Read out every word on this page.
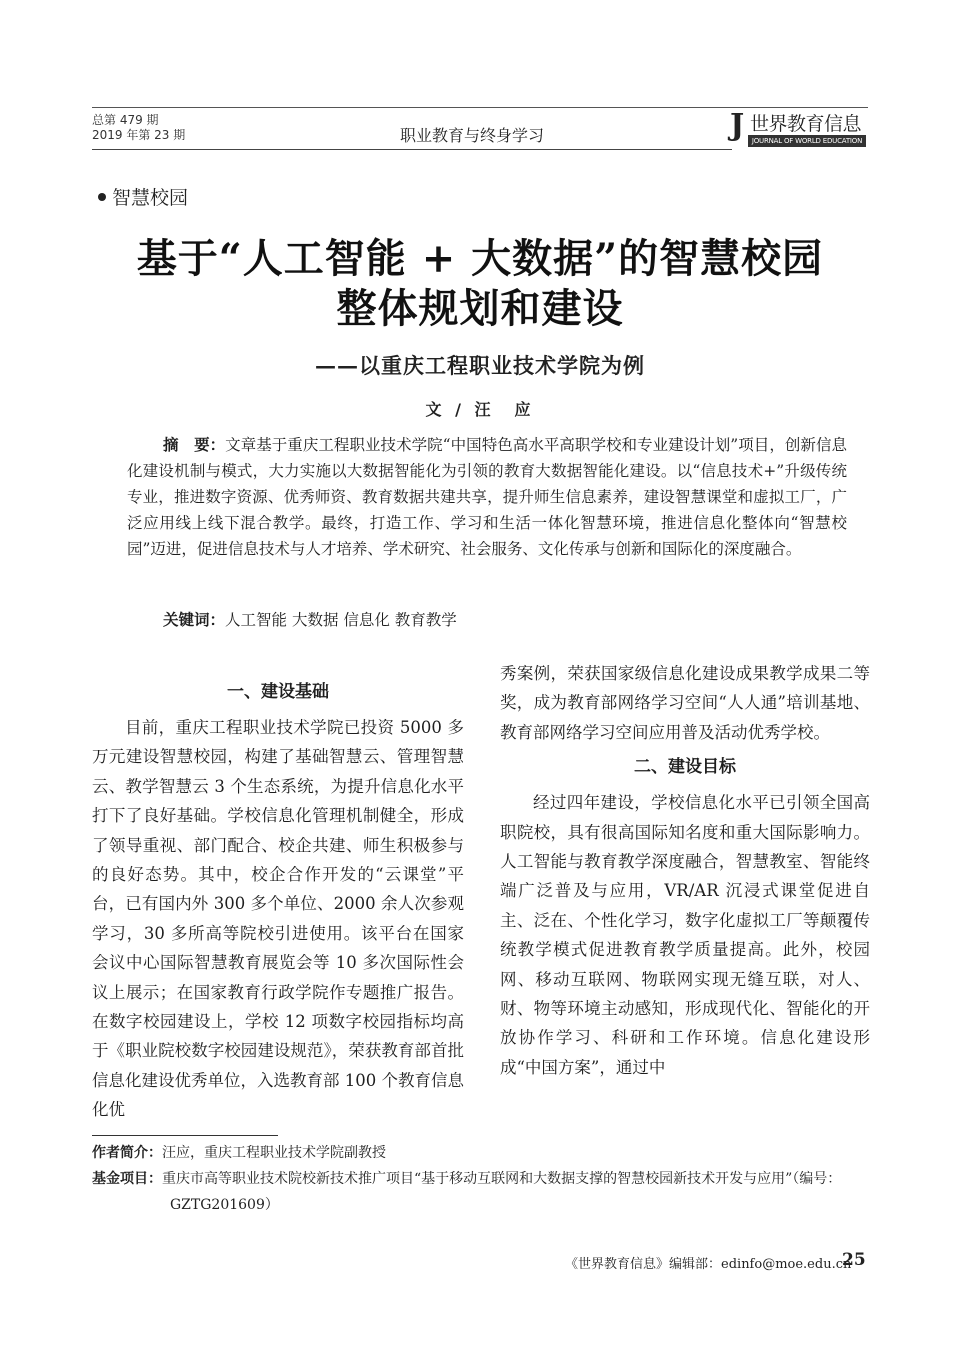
总第 479 期
2019 年第 23 期	职业教育与终身学习	J 世界教育信息
JOURNAL OF WORLD EDUCATION
智慧校园
基于“人工智能 + 大数据”的智慧校园
整体规划和建设
——以重庆工程职业技术学院为例
文 / 汪　应
摘　要：文章基于重庆工程职业技术学院“中国特色高水平高职学校和专业建设计划”项目，创新信息化建设机制与模式，大力实施以大数据智能化为引领的教育大数据智能化建设。以“信息技术+”升级传统专业，推进数字资源、优秀师资、教育数据共建共享，提升师生信息素养，建设智慧课堂和虚拟工厂，广泛应用线上线下混合教学。最终，打造工作、学习和生活一体化智慧环境，推进信息化整体向“智慧校园”迈进，促进信息技术与人才培养、学术研究、社会服务、文化传承与创新和国际化的深度融合。
关键词：人工智能 大数据 信息化 教育教学
一、建设基础

目前，重庆工程职业技术学院已投资 5000 多万元建设智慧校园，构建了基础智慧云、管理智慧云、教学智慧云 3 个生态系统，为提升信息化水平打下了良好基础。学校信息化管理机制健全，形成了领导重视、部门配合、校企共建、师生积极参与的良好态势。其中，校企合作开发的“云课堂”平台，已有国内外 300 多个单位、2000 余人次参观学习，30 多所高等院校引进使用。该平台在国家会议中心国际智慧教育展览会等 10 多次国际性会议上展示；在国家教育行政学院作专题推广报告。在数字校园建设上，学校 12 项数字校园指标均高于《职业院校数字校园建设规范》，荣获教育部首批信息化建设优秀单位，入选教育部 100 个教育信息化优

秀案例，荣获国家级信息化建设成果教学成果二等奖，成为教育部网络学习空间“人人通”培训基地、教育部网络学习空间应用普及活动优秀学校。

二、建设目标

经过四年建设，学校信息化水平已引领全国高职院校，具有很高国际知名度和重大国际影响力。人工智能与教育教学深度融合，智慧教室、智能终端广泛普及与应用，VR/AR 沉浸式课堂促进自主、泛在、个性化学习，数字化虚拟工厂等颠覆传统教学模式促进教育教学质量提高。此外，校园网、移动互联网、物联网实现无缝互联，对人、财、物等环境主动感知，形成现代化、智能化的开放协作学习、科研和工作环境。信息化建设形成“中国方案”，通过中

作者简介：汪应，重庆工程职业技术学院副教授
基金项目：重庆市高等职业技术院校新技术推广项目“基于移动互联网和大数据支撑的智慧校园新技术开发与应用”（编号：GZTG201609）
《世界教育信息》编辑部：edinfo@moe.edu.cn
25
